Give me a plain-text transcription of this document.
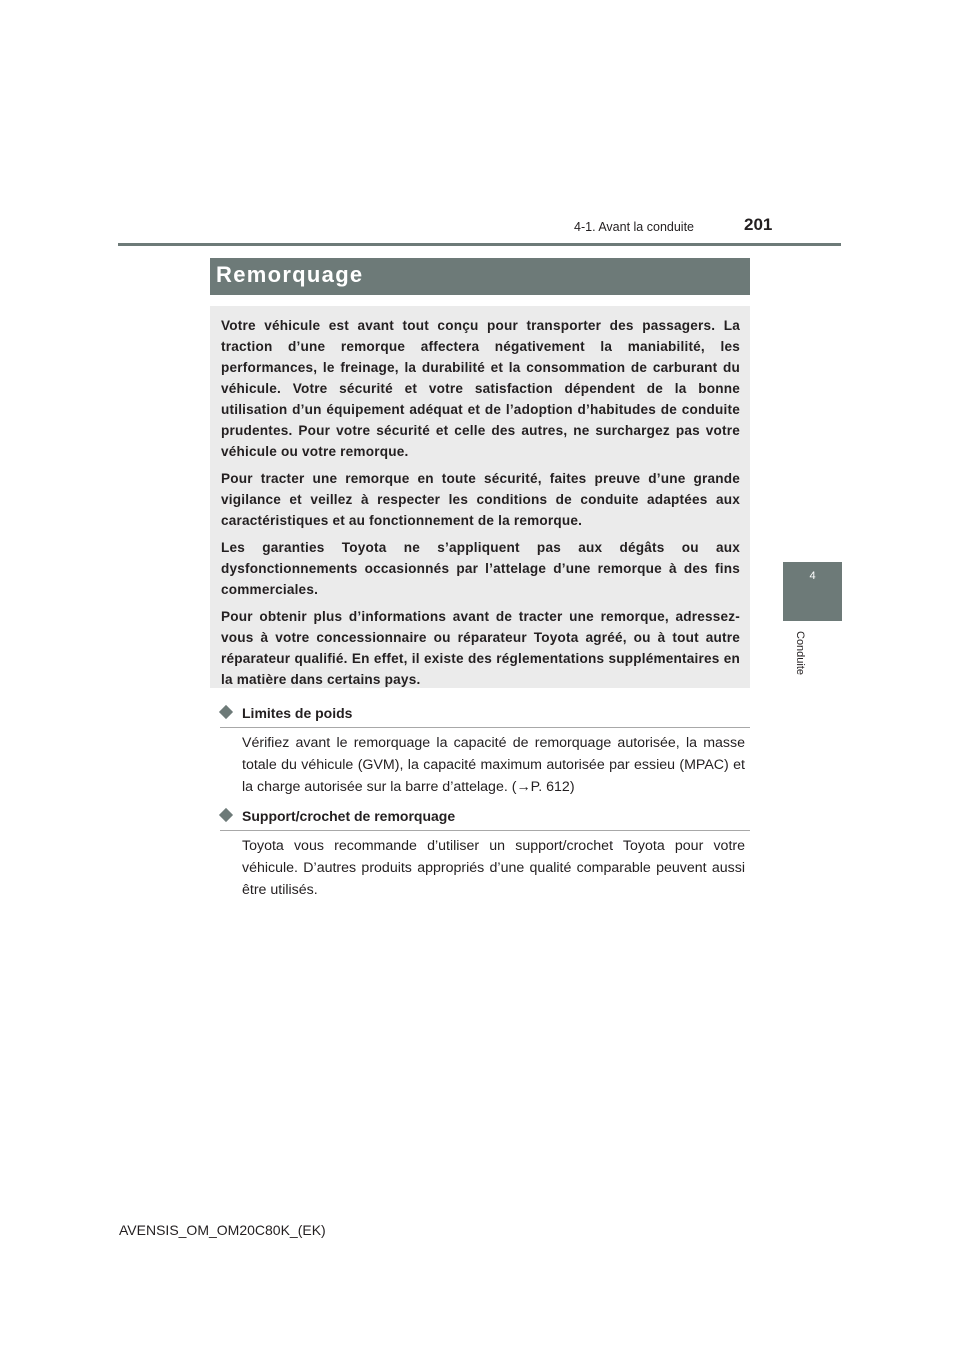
4-1. Avant la conduite	201
4
Conduite
Remorquage

Votre véhicule est avant tout conçu pour transporter des passagers. La traction d’une remorque affectera négativement la maniabilité, les performances, le freinage, la durabilité et la consommation de carburant du véhicule. Votre sécurité et votre satisfaction dépendent de la bonne utilisation d’un équipement adéquat et de l’adoption d’habitudes de conduite prudentes. Pour votre sécurité et celle des autres, ne surchargez pas votre véhicule ou votre remorque.

Pour tracter une remorque en toute sécurité, faites preuve d’une grande vigilance et veillez à respecter les conditions de conduite adaptées aux caractéristiques et au fonctionnement de la remorque.

Les garanties Toyota ne s’appliquent pas aux dégâts ou aux dysfonctionnements occasionnés par l’attelage d’une remorque à des fins commerciales.

Pour obtenir plus d’informations avant de tracter une remorque, adressez-vous à votre concessionnaire ou réparateur Toyota agréé, ou à tout autre réparateur qualifié. En effet, il existe des réglementations supplémentaires en la matière dans certains pays.

Limites de poids

Vérifiez avant le remorquage la capacité de remorquage autorisée, la masse totale du véhicule (GVM), la capacité maximum autorisée par essieu (MPAC) et la charge autorisée sur la barre d’attelage. (→P. 612)

Support/crochet de remorquage

Toyota vous recommande d’utiliser un support/crochet Toyota pour votre véhicule. D’autres produits appropriés d’une qualité comparable peuvent aussi être utilisés.

AVENSIS_OM_OM20C80K_(EK)
